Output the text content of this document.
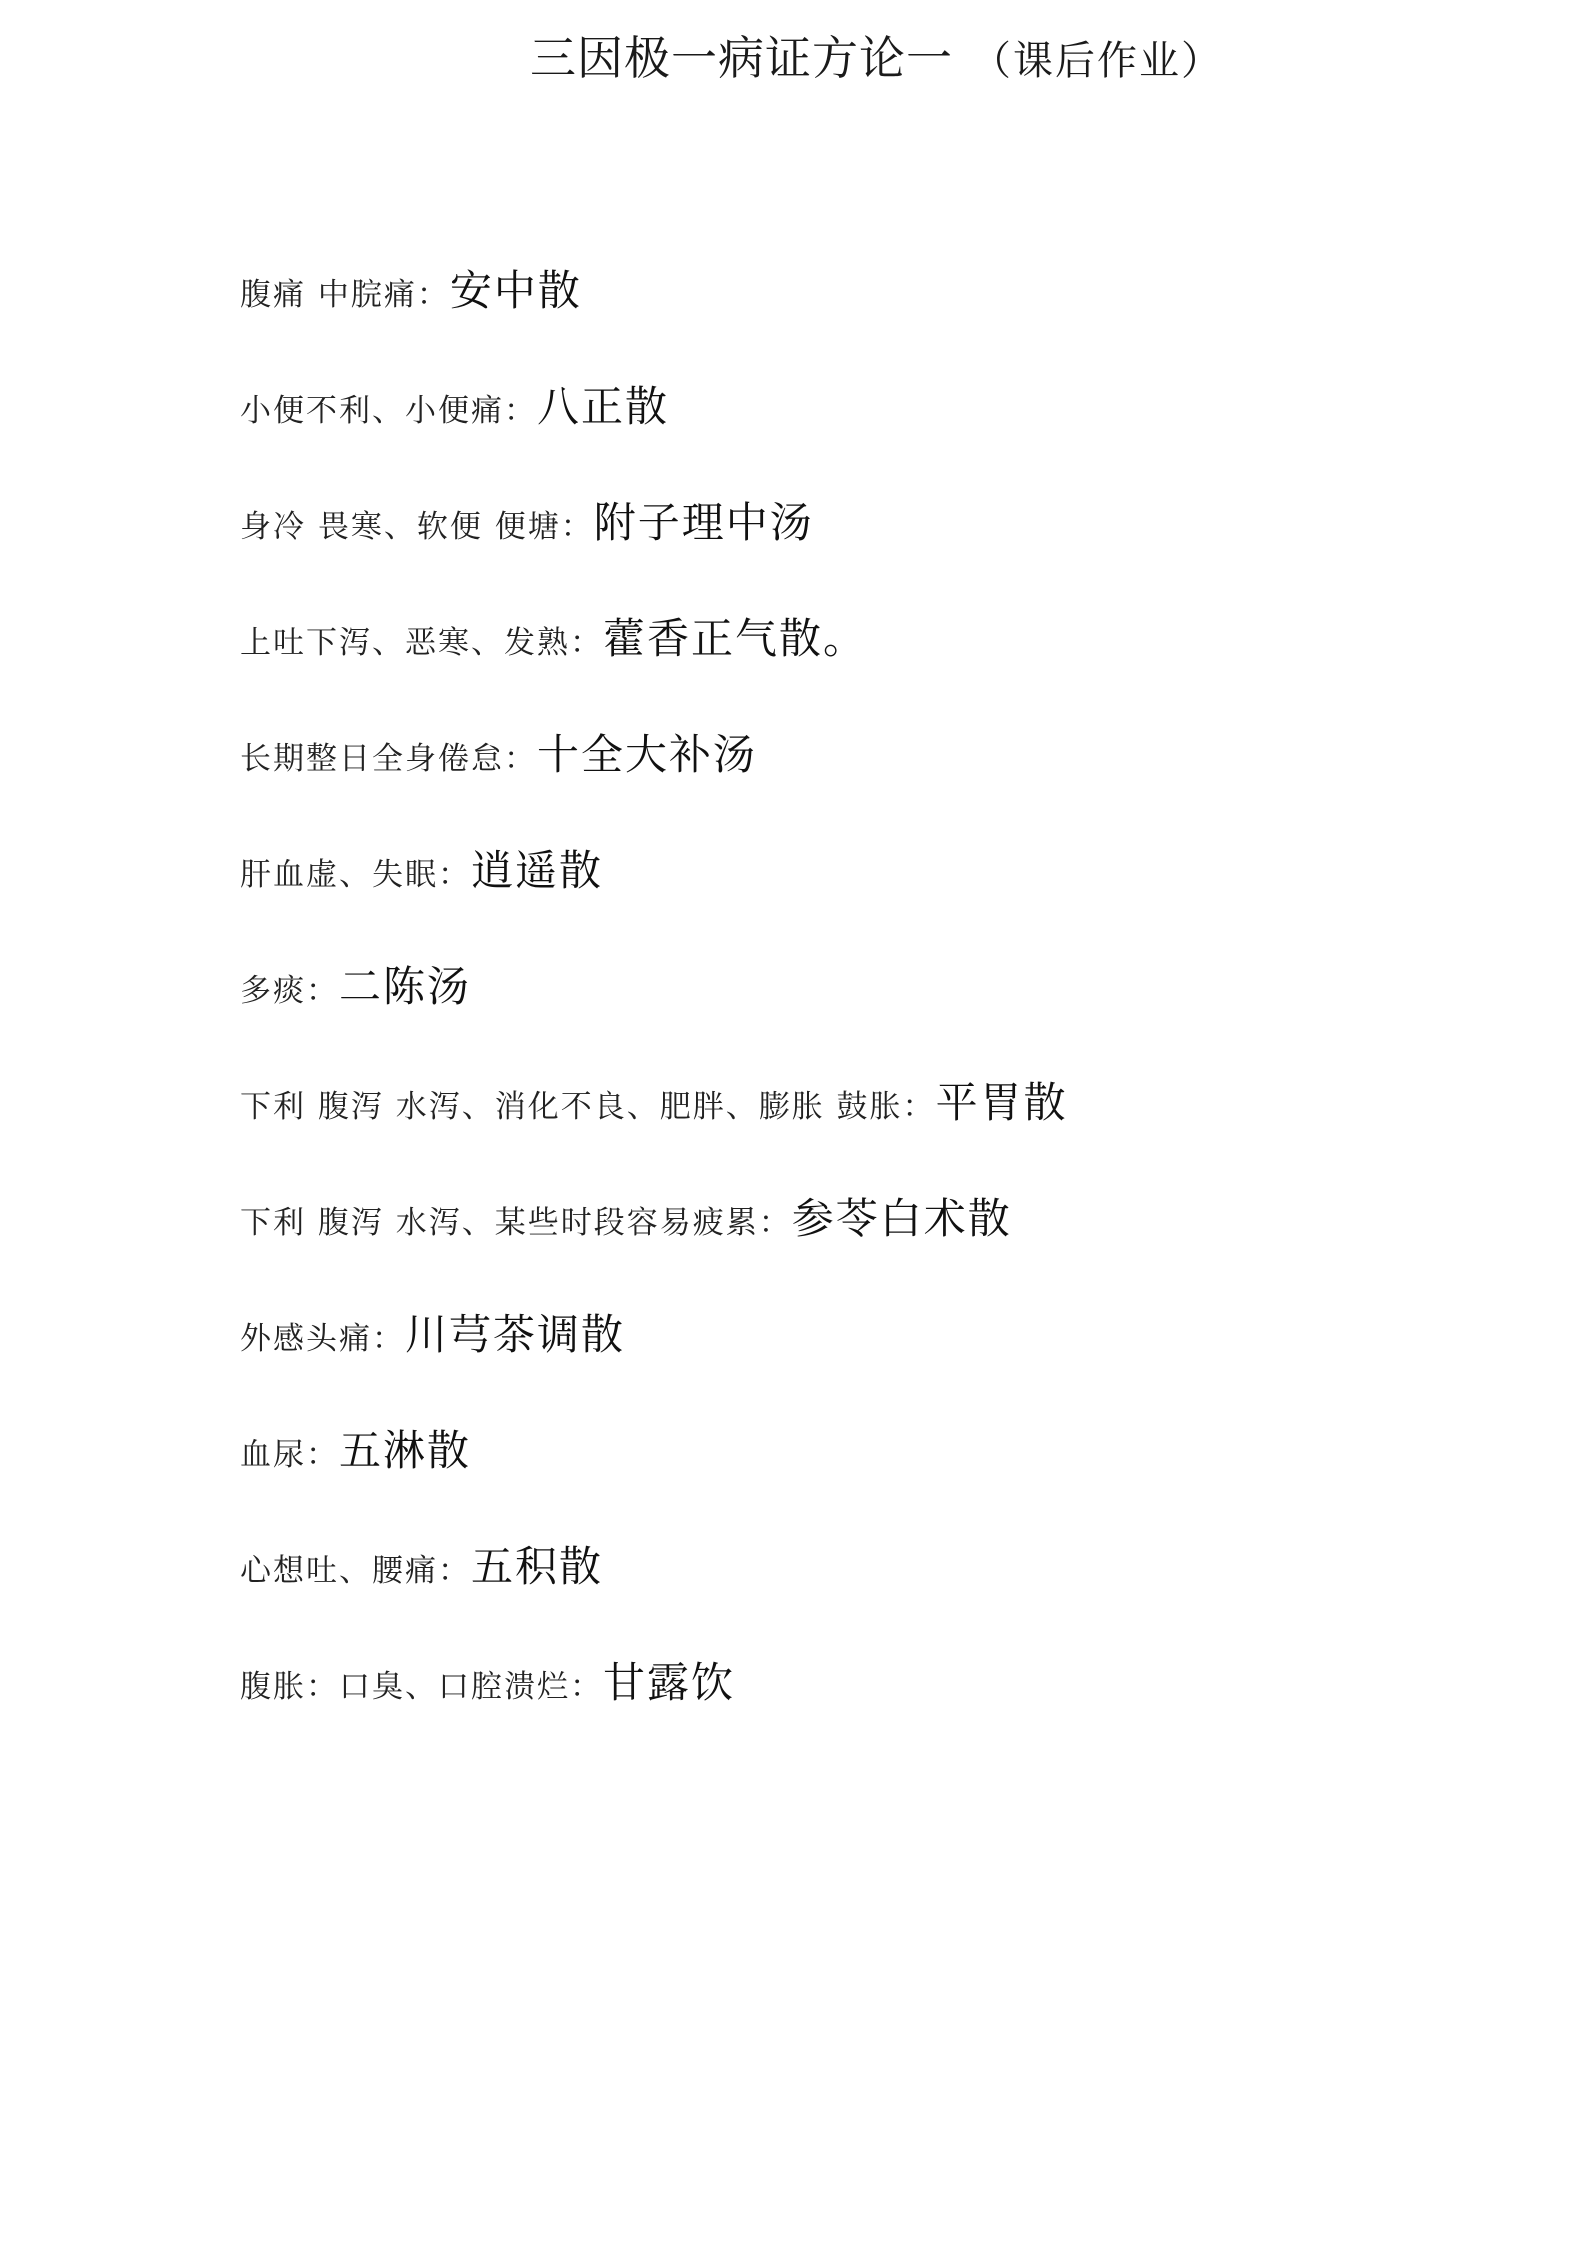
三因极一病证方论一 （课后作业）
腹痛 中脘痛： 安中散
小便不利、小便痛： 八正散
身冷 畏寒、软便 便塘： 附子理中汤
上吐下泻、恶寒、发熟： 藿香正气散。
长期整日全身倦怠： 十全大补汤
肝血虚、失眠： 逍遥散
多痰： 二陈汤
下利 腹泻 水泻、消化不良、肥胖、膨胀 鼓胀： 平胃散
下利 腹泻 水泻、某些时段容易疲累： 参苓白术散
外感头痛： 川芎茶调散
血尿： 五淋散
心想吐、腰痛： 五积散
腹胀：口臭、口腔溃烂： 甘露饮
